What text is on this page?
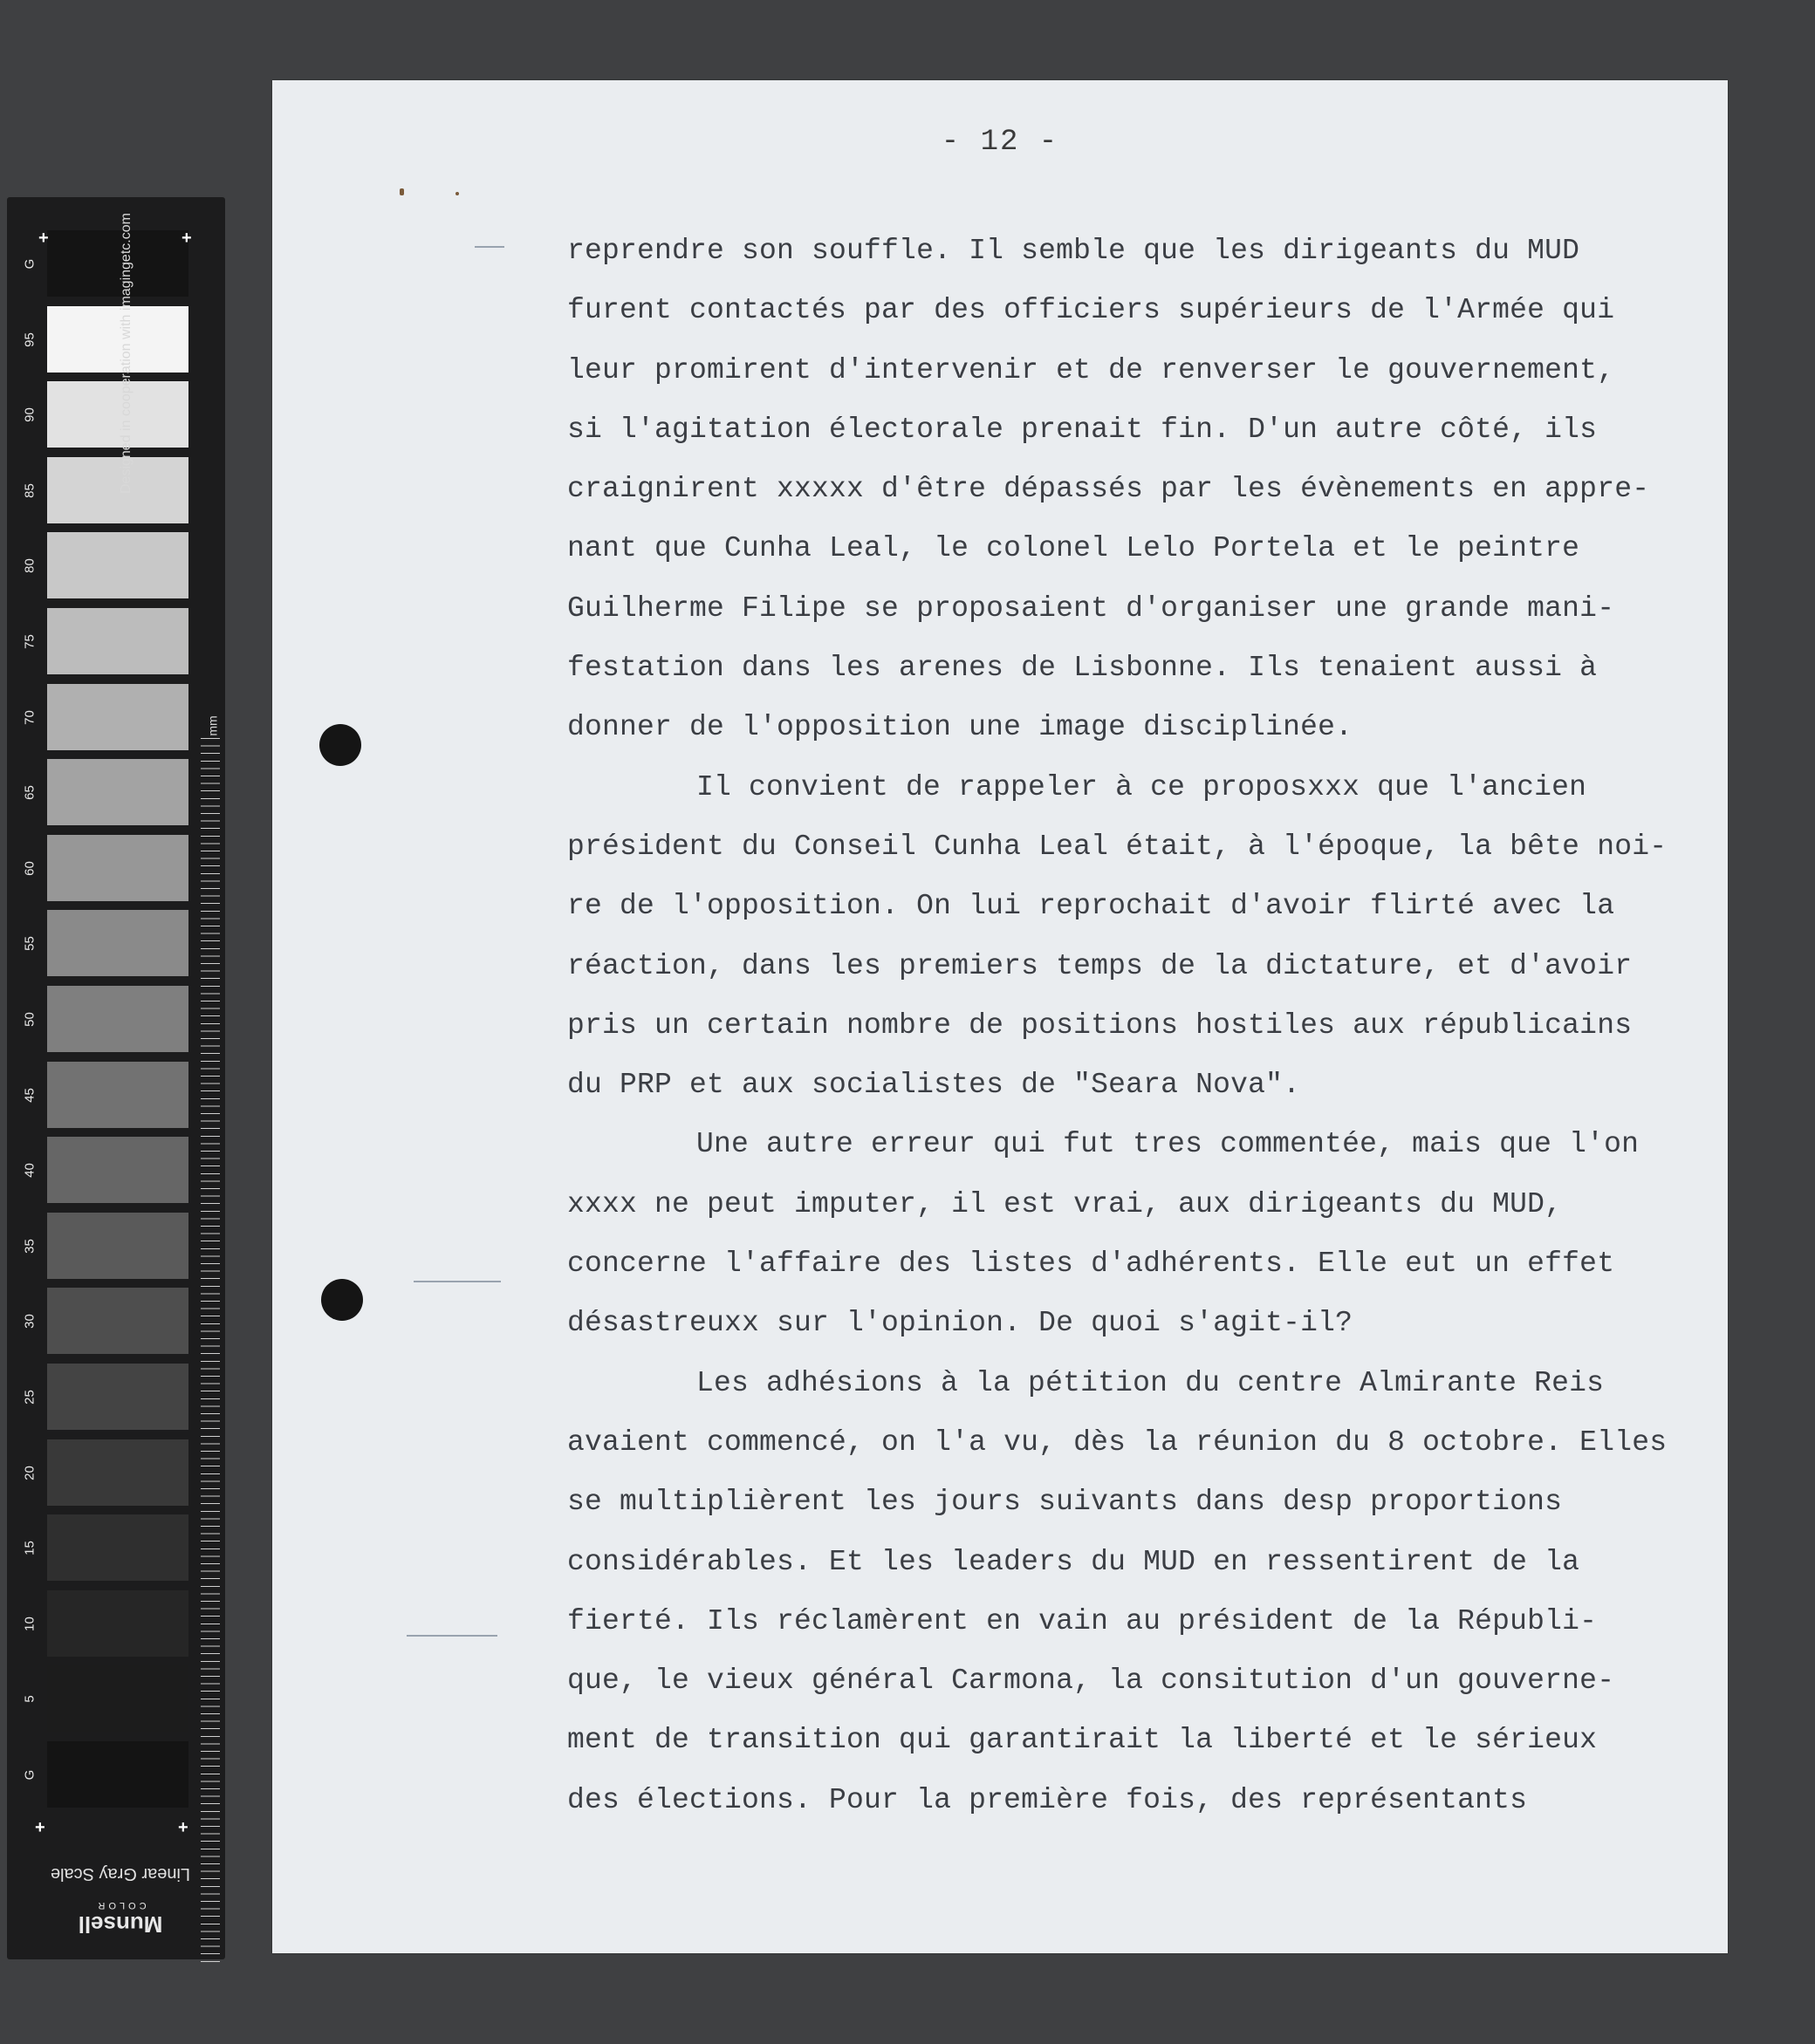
+	+
+	+
Designed in cooperation with imagingetc.com
mm
Linear Gray Scale
Munsell
COLOR
G
95
90
85
80
75
70
65
60
55
50
45
40
35
30
25
20
15
10
5
G
- 12 -
reprendre son souffle. Il semble que les dirigeants du MUD
furent contactés par des officiers supérieurs de l'Armée qui
leur promirent d'intervenir et de renverser le gouvernement,
si l'agitation électorale prenait fin. D'un autre côté, ils
craignirent xxxxx d'être dépassés par les évènements en appre-
nant que Cunha Leal, le colonel Lelo Portela et le peintre
Guilherme Filipe se proposaient d'organiser une grande mani-
festation dans les arenes de Lisbonne. Ils tenaient aussi à
donner de l'opposition une image disciplinée.
Il convient de rappeler à ce proposxxx que l'ancien
président du Conseil Cunha Leal était, à l'époque, la bête noi-
re de l'opposition. On lui reprochait d'avoir flirté avec la
réaction, dans les premiers temps de la dictature, et d'avoir
pris un certain nombre de positions hostiles aux républicains
du PRP et aux socialistes de "Seara Nova".
Une autre erreur qui fut tres commentée, mais que l'on
xxxx ne peut imputer, il est vrai, aux dirigeants du MUD,
concerne l'affaire des listes d'adhérents. Elle eut un effet
désastreuxx sur l'opinion. De quoi s'agit-il?
Les adhésions à la pétition du centre Almirante Reis
avaient commencé, on l'a vu, dès la réunion du 8 octobre. Elles
se multiplièrent les jours suivants dans desp proportions
considérables. Et les leaders du MUD en ressentirent de la
fierté. Ils réclamèrent en vain au président de la Républi-
que, le vieux général Carmona, la consitution d'un gouverne-
ment de transition qui garantirait la liberté et le sérieux
des élections. Pour la première fois, des représentants
